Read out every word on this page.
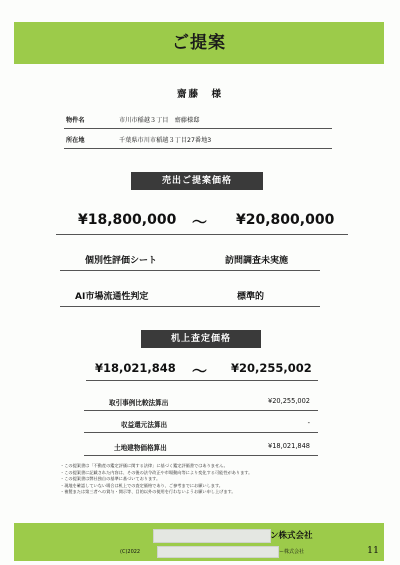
ご提案
齋藤　様
物件名	市川市稲越３丁目　齋藤様邸
所在地	千葉県市川市稲越３丁目27番地3
売出ご提案価格
¥18,800,000 ～ ¥20,800,000
個別性評価シート	訪問調査未実施
AI市場流通性判定	標準的
机上査定価格
¥18,021,848 ～ ¥20,255,002
取引事例比較法算出	¥20,255,002
収益還元法算出	-
土地建物価格算出	¥18,021,848
・この提案書は「不動産の鑑定評価に関する法律」に基づく鑑定評価書ではありません。
・この提案書に記載された内容は、その後の法令改正や市場動向等により変化する可能性があります。
・この提案書は弊社独自の基準に基づいております。
・現地を確認していない場合は机上での査定価格であり、ご参考までにお願いします。
・複製または第三者への貸与・開示等、目的以外の使用を行わないようお願い申し上げます。
ン株式会社
(C)2022	ー株式会社	11
